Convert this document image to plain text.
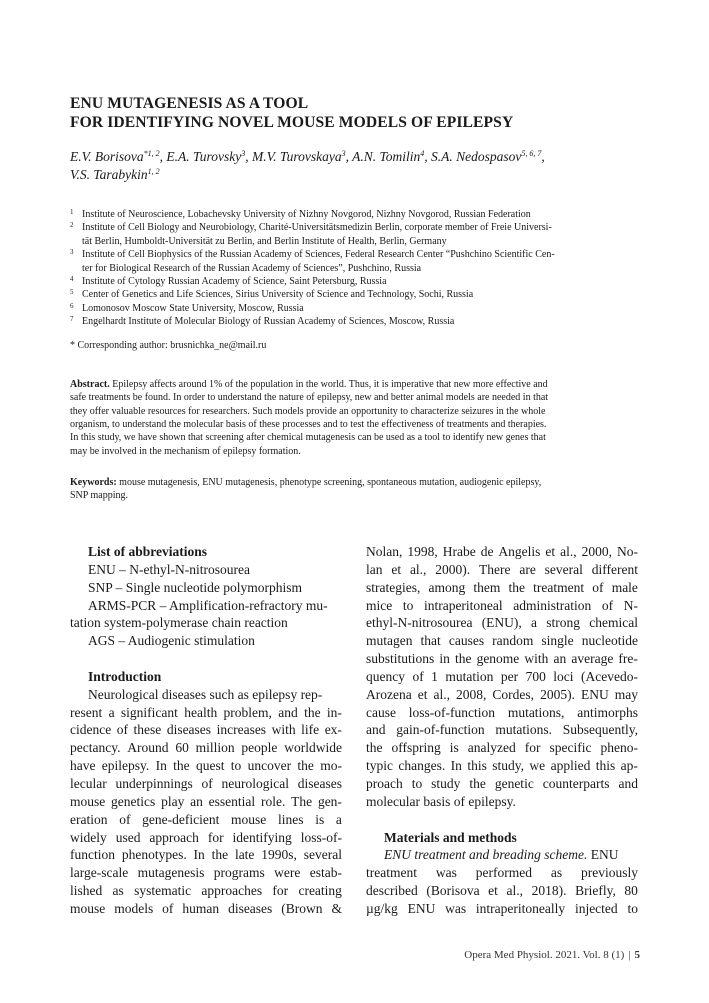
ENU MUTAGENESIS AS A TOOL
FOR IDENTIFYING NOVEL MOUSE MODELS OF EPILEPSY
E.V. Borisova$^{*1, 2}$, E.A. Turovsky$^3$, M.V. Turovskaya$^3$, A.N. Tomilin$^4$, S.A. Nedospasov$^{5, 6, 7}$,
V.S. Tarabykin$^{1, 2}$
1 Institute of Neuroscience, Lobachevsky University of Nizhny Novgorod, Nizhny Novgorod, Russian Federation
2 Institute of Cell Biology and Neurobiology, Charité-Universitätsmedizin Berlin, corporate member of Freie Universi-
tät Berlin, Humboldt-Universität zu Berlin, and Berlin Institute of Health, Berlin, Germany
3 Institute of Cell Biophysics of the Russian Academy of Sciences, Federal Research Center “Pushchino Scientific Cen-
ter for Biological Research of the Russian Academy of Sciences”, Pushchino, Russia
4 Institute of Cytology Russian Academy of Science, Saint Petersburg, Russia
5 Center of Genetics and Life Sciences, Sirius University of Science and Technology, Sochi, Russia
6 Lomonosov Moscow State University, Moscow, Russia
7 Engelhardt Institute of Molecular Biology of Russian Academy of Sciences, Moscow, Russia
* Corresponding author: brusnichka_ne@mail.ru
Abstract. Epilepsy affects around 1% of the population in the world. Thus, it is imperative that new more effective and
safe treatments be found. In order to understand the nature of epilepsy, new and better animal models are needed in that
they offer valuable resources for researchers. Such models provide an opportunity to characterize seizures in the whole
organism, to understand the molecular basis of these processes and to test the effectiveness of treatments and therapies.
In this study, we have shown that screening after chemical mutagenesis can be used as a tool to identify new genes that
may be involved in the mechanism of epilepsy formation.
Keywords: mouse mutagenesis, ENU mutagenesis, phenotype screening, spontaneous mutation, audiogenic epilepsy,
SNP mapping.
List of abbreviations
ENU – N-ethyl-N-nitrosourea
SNP – Single nucleotide polymorphism
ARMS-PCR – Amplification-refractory mu-
tation system-polymerase chain reaction
AGS – Audiogenic stimulation
Introduction
Neurological diseases such as epilepsy rep-
resent a significant health problem, and the in-
cidence of these diseases increases with life ex-
pectancy. Around 60 million people worldwide
have epilepsy. In the quest to uncover the mo-
lecular underpinnings of neurological diseases
mouse genetics play an essential role. The gen-
eration of gene-deficient mouse lines is a
widely used approach for identifying loss-of-
function phenotypes. In the late 1990s, several
large-scale mutagenesis programs were estab-
lished as systematic approaches for creating
mouse models of human diseases (Brown &
Nolan, 1998, Hrabe de Angelis et al., 2000, No-
lan et al., 2000). There are several different
strategies, among them the treatment of male
mice to intraperitoneal administration of N-
ethyl-N-nitrosourea (ENU), a strong chemical
mutagen that causes random single nucleotide
substitutions in the genome with an average fre-
quency of 1 mutation per 700 loci (Acevedo-
Arozena et al., 2008, Cordes, 2005). ENU may
cause loss-of-function mutations, antimorphs
and gain-of-function mutations. Subsequently,
the offspring is analyzed for specific pheno-
typic changes. In this study, we applied this ap-
proach to study the genetic counterparts and
molecular basis of epilepsy.
Materials and methods
ENU treatment and breading scheme. ENU
treatment was performed as previously
described (Borisova et al., 2018). Briefly, 80
µg/kg ENU was intraperitoneally injected to
Opera Med Physiol. 2021. Vol. 8 (1) | 5
